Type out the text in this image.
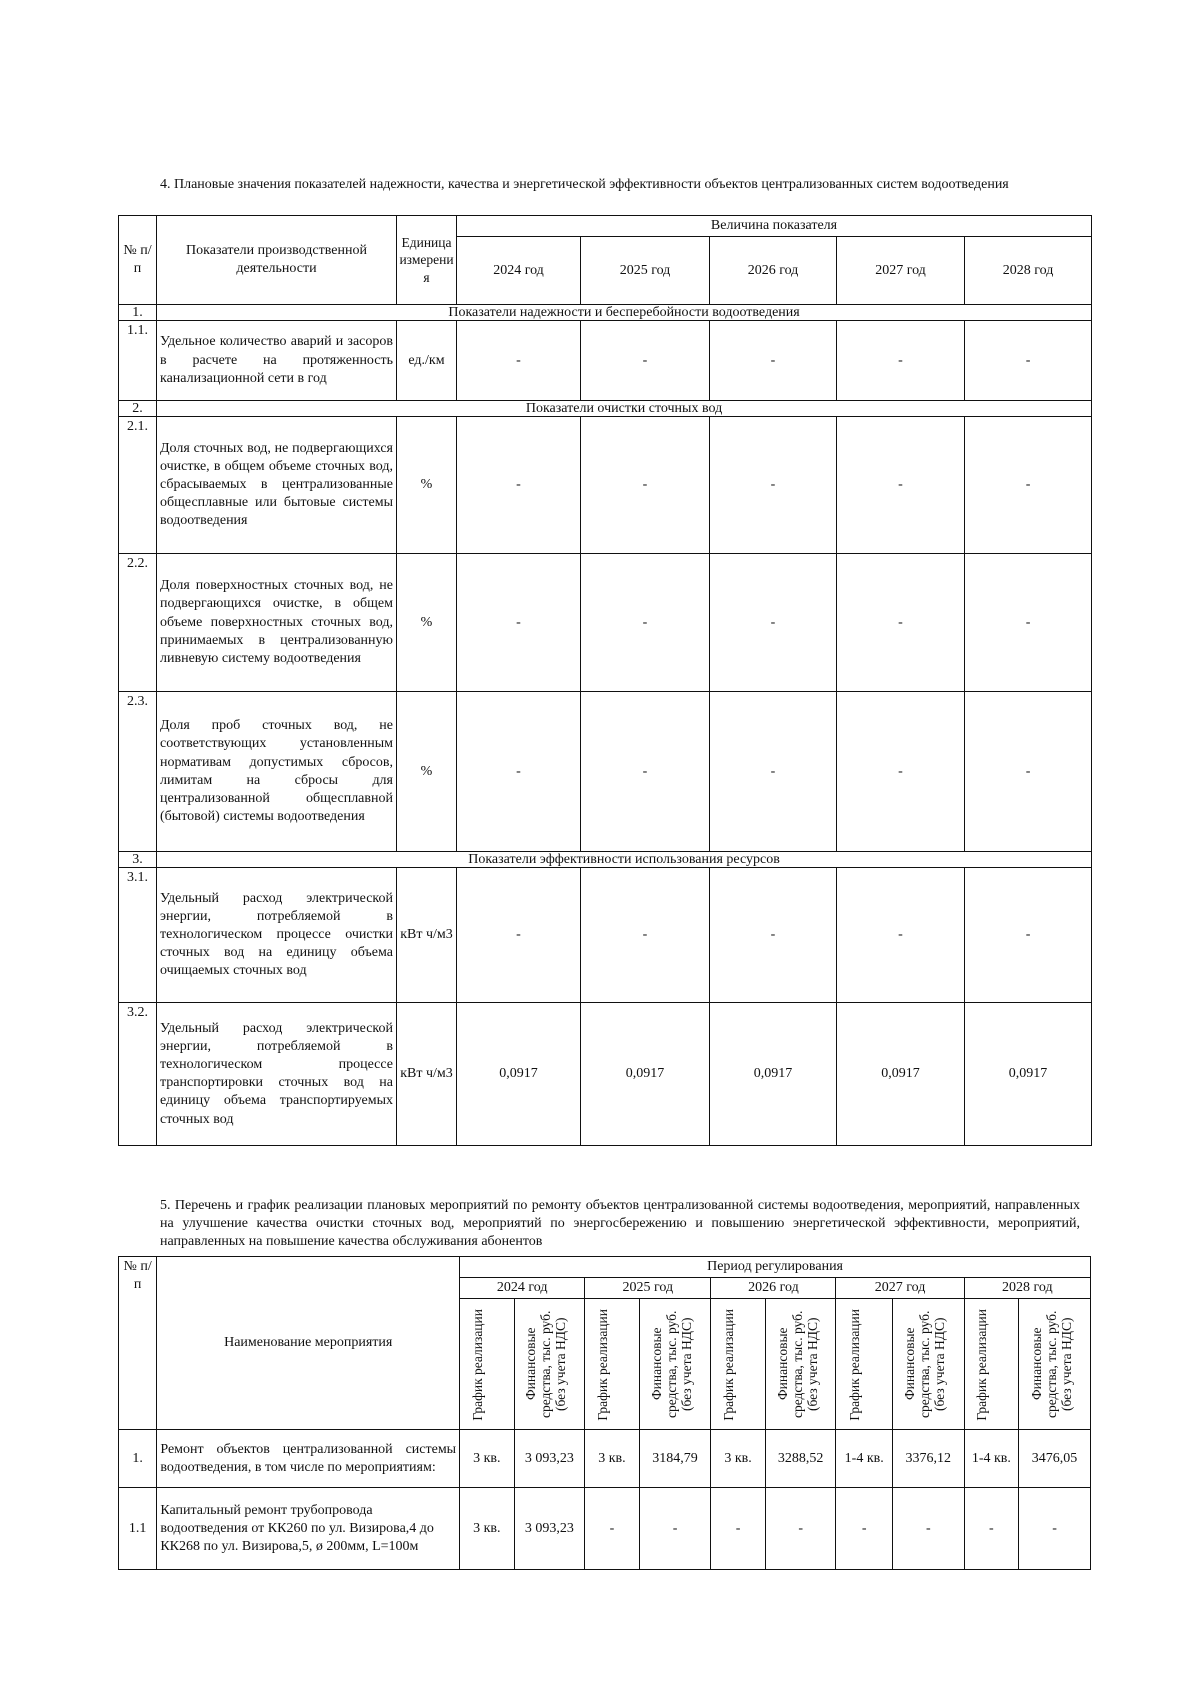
4. Плановые значения показателей надежности, качества и энергетической эффективности объектов централизованных систем водоотведения
№ п/п	Показатели производственной деятельности	Единица измерения	Величина показателя				
			2024 год	2025 год	2026 год	2027 год	2028 год
1.	Показатели надежности и бесперебойности водоотведения						
1.1.	Удельное количество аварий и засоров в расчете на протяженность канализационной сети в год	ед./км	-	-	-	-	-
2.	Показатели очистки сточных вод						
2.1.	Доля сточных вод, не подвергающихся очистке, в общем объеме сточных вод, сбрасываемых в централизованные общесплавные или бытовые системы водоотведения	%	-	-	-	-	-
2.2.	Доля поверхностных сточных вод, не подвергающихся очистке, в общем объеме поверхностных сточных вод, принимаемых в централизованную ливневую систему водоотведения	%	-	-	-	-	-
2.3.	Доля проб сточных вод, не соответствующих установленным нормативам допустимых сбросов, лимитам на сбросы для централизованной общесплавной (бытовой) системы водоотведения	%	-	-	-	-	-
3.	Показатели эффективности использования ресурсов						
3.1.	Удельный расход электрической энергии, потребляемой в технологическом процессе очистки сточных вод на единицу объема очищаемых сточных вод	кВт ч/м3	-	-	-	-	-
3.2.	Удельный расход электрической энергии, потребляемой в технологическом процессе транспортировки сточных вод на единицу объема транспортируемых сточных вод	кВт ч/м3	0,0917	0,0917	0,0917	0,0917	0,0917
5. Перечень и график реализации плановых мероприятий по ремонту объектов централизованной системы водоотведения, мероприятий, направленных на улучшение качества очистки сточных вод, мероприятий по энергосбережению и повышению энергетической эффективности, мероприятий, направленных на повышение качества обслуживания абонентов
№ п/п	Наименование мероприятия	Период регулирования									
		2024 год		2025 год		2026 год		2027 год		2028 год	

		График реализации	Финансовые средства, тыс. руб. (без учета НДС)	График реализации	Финансовые средства, тыс. руб. (без учета НДС)	График реализации	Финансовые средства, тыс. руб. (без учета НДС)	График реализации	Финансовые средства, тыс. руб. (без учета НДС)	График реализации	Финансовые средства, тыс. руб. (без учета НДС)

1.	Ремонт объектов централизованной системы водоотведения, в том числе по мероприятиям:	3 кв.	3 093,23	3 кв.	3184,79	3 кв.	3288,52	1-4 кв.	3376,12	1-4 кв.	3476,05
1.1	Капитальный ремонт трубопровода водоотведения от КК260 по ул. Визирова,4 до КК268 по ул. Визирова,5, ø 200мм, L=100м	3 кв.	3 093,23	-	-	-	-	-	-	-	-
